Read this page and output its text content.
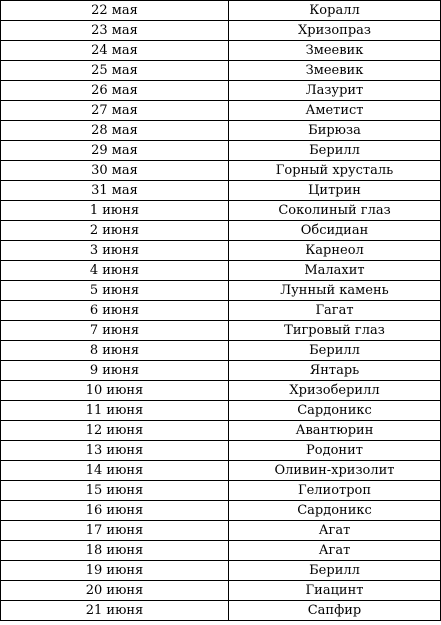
22 мая	Коралл
23 мая	Хризопраз
24 мая	Змеевик
25 мая	Змеевик
26 мая	Лазурит
27 мая	Аметист
28 мая	Бирюза
29 мая	Берилл
30 мая	Горный хрусталь
31 мая	Цитрин
1 июня	Соколиный глаз
2 июня	Обсидиан
3 июня	Карнеол
4 июня	Малахит
5 июня	Лунный камень
6 июня	Гагат
7 июня	Тигровый глаз
8 июня	Берилл
9 июня	Янтарь
10 июня	Хризоберилл
11 июня	Сардоникс
12 июня	Авантюрин
13 июня	Родонит
14 июня	Оливин-хризолит
15 июня	Гелиотроп
16 июня	Сардоникс
17 июня	Агат
18 июня	Агат
19 июня	Берилл
20 июня	Гиацинт
21 июня	Сапфир
